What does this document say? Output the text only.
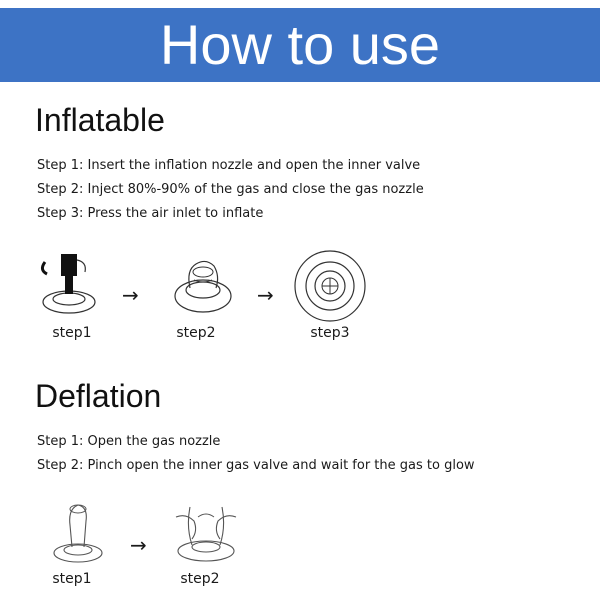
How to use
Inflatable
Step 1: Insert the inflation nozzle and open the inner valve
Step 2: Inject 80%-90% of the gas and close the gas nozzle
Step 3: Press the air inlet to inflate
step1
→
step2
→
step3
Deflation
Step 1: Open the gas nozzle
Step 2: Pinch open the inner gas valve and wait for the gas to glow
step1
→
step2
